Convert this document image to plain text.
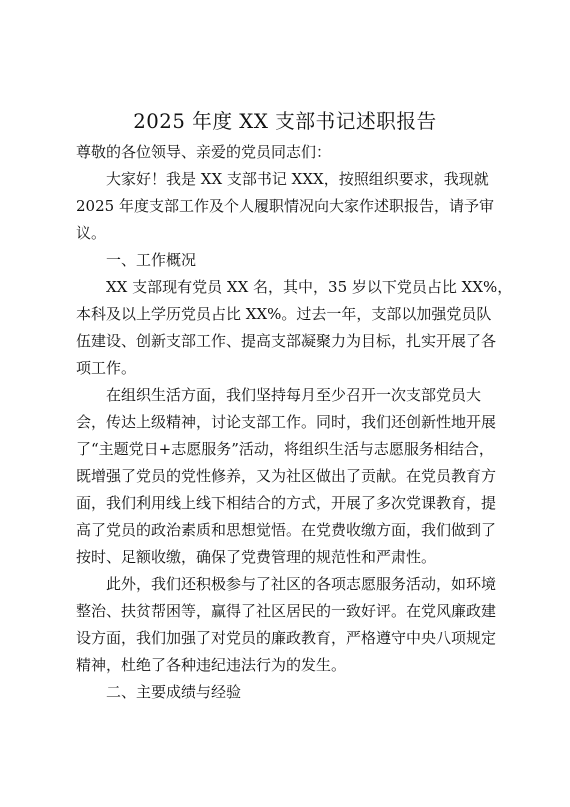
2025 年度 XX 支部书记述职报告
尊敬的各位领导、亲爱的党员同志们：
大家好！我是 XX 支部书记 XXX，按照组织要求，我现就
2025 年度支部工作及个人履职情况向大家作述职报告，请予审
议。
一、工作概况
XX 支部现有党员 XX 名，其中，35 岁以下党员占比 XX%，
本科及以上学历党员占比 XX%。过去一年，支部以加强党员队
伍建设、创新支部工作、提高支部凝聚力为目标，扎实开展了各
项工作。
在组织生活方面，我们坚持每月至少召开一次支部党员大
会，传达上级精神，讨论支部工作。同时，我们还创新性地开展
了“主题党日+志愿服务”活动，将组织生活与志愿服务相结合，
既增强了党员的党性修养，又为社区做出了贡献。在党员教育方
面，我们利用线上线下相结合的方式，开展了多次党课教育，提
高了党员的政治素质和思想觉悟。在党费收缴方面，我们做到了
按时、足额收缴，确保了党费管理的规范性和严肃性。
此外，我们还积极参与了社区的各项志愿服务活动，如环境
整治、扶贫帮困等，赢得了社区居民的一致好评。在党风廉政建
设方面，我们加强了对党员的廉政教育，严格遵守中央八项规定
精神，杜绝了各种违纪违法行为的发生。
二、主要成绩与经验
